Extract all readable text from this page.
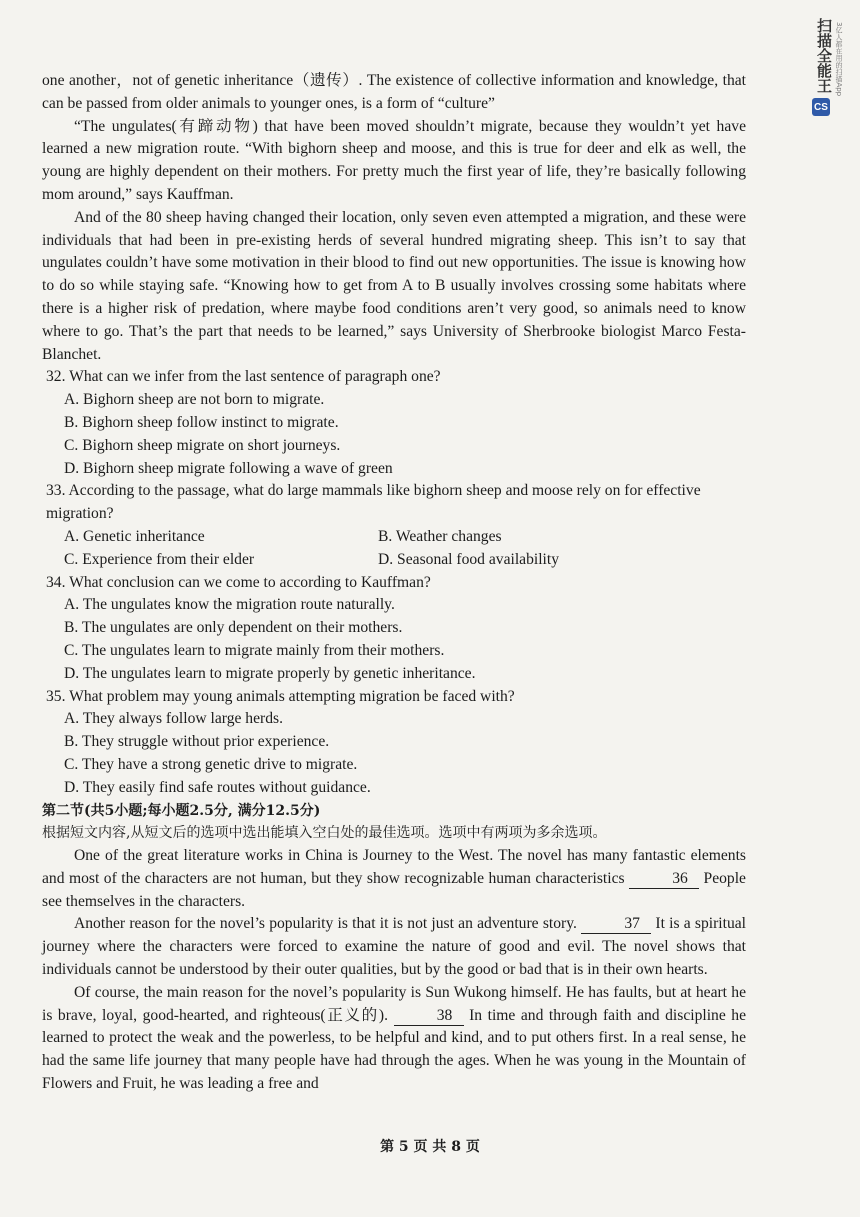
扫描全能王 3亿人都在用的扫描App
CS

one another，not of genetic inheritance（遗传）. The existence of collective information and knowledge, that can be passed from older animals to younger ones, is a form of “culture”

“The ungulates(有蹄动物) that have been moved shouldn’t migrate, because they wouldn’t yet have learned a new migration route. “With bighorn sheep and moose, and this is true for deer and elk as well, the young are highly dependent on their mothers. For pretty much the first year of life, they’re basically following mom around,” says Kauffman.

And of the 80 sheep having changed their location, only seven even attempted a migration, and these were individuals that had been in pre-existing herds of several hundred migrating sheep. This isn’t to say that ungulates couldn’t have some motivation in their blood to find out new opportunities. The issue is knowing how to do so while staying safe. “Knowing how to get from A to B usually involves crossing some habitats where there is a higher risk of predation, where maybe food conditions aren’t very good, so animals need to know where to go. That’s the part that needs to be learned,” says University of Sherbrooke biologist Marco Festa-Blanchet.

32. What can we infer from the last sentence of paragraph one?

A. Bighorn sheep are not born to migrate.

B. Bighorn sheep follow instinct to migrate.

C. Bighorn sheep migrate on short journeys.

D. Bighorn sheep migrate following a wave of green

33. According to the passage, what do large mammals like bighorn sheep and moose rely on for effective migration?

A. Genetic inheritance	B. Weather changes
C. Experience from their elder	D. Seasonal food availability

34. What conclusion can we come to according to Kauffman?

A. The ungulates know the migration route naturally.

B. The ungulates are only dependent on their mothers.

C. The ungulates learn to migrate mainly from their mothers.

D. The ungulates learn to migrate properly by genetic inheritance.

35. What problem may young animals attempting migration be faced with?

A. They always follow large herds.

B. They struggle without prior experience.

C. They have a strong genetic drive to migrate.

D. They easily find safe routes without guidance.

第二节(共5小题;每小题2.5分, 满分12.5分)

根据短文内容,从短文后的选项中选出能填入空白处的最佳选项。选项中有两项为多余选项。

One of the great literature works in China is Journey to the West. The novel has many fantastic elements and most of the characters are not human, but they show recognizable human characteristics	36 People see themselves in the characters.

Another reason for the novel’s popularity is that it is not just an adventure story.	37 It is a spiritual journey where the characters were forced to examine the nature of good and evil. The novel shows that individuals cannot be understood by their outer qualities, but by the good or bad that is in their own hearts.

Of course, the main reason for the novel’s popularity is Sun Wukong himself. He has faults, but at heart he is brave, loyal, good-hearted, and righteous(正义的).	38 In time and through faith and discipline he learned to protect the weak and the powerless, to be helpful and kind, and to put others first. In a real sense, he had the same life journey that many people have had through the ages. When he was young in the Mountain of Flowers and Fruit, he was leading a free and

第 5 页 共 8 页
